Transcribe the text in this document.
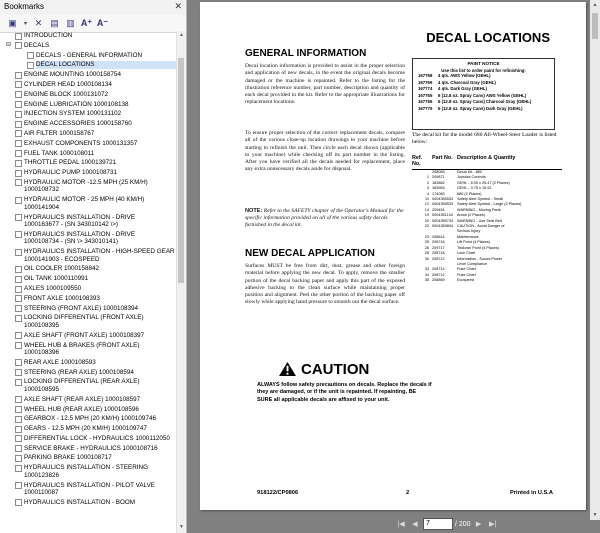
Bookmarks	✕
▣	▾ ✕ ▤ ▥ A⁺ A⁻
INTRODUCTION
⊟ DECALS
DECALS - GENERAL INFORMATION
DECAL LOCATIONS
ENGINE MOUNTING 1000158754
CYLINDER HEAD 1000108134
ENGINE BLOCK 1000131072
ENGINE LUBRICATION 1000108138
INJECTION SYSTEM 1000131102
ENGINE ACCESSORIES 1000158760
AIR FILTER 1000158767
EXHAUST COMPONENTS 1000131357
FUEL TANK 1000108011
THROTTLE PEDAL 1000139721
HYDRAULIC PUMP 1000108731
HYDRAULIC MOTOR -12.5 MPH (25 KM/H)
1000108732
HYDRAULIC MOTOR - 25 MPH (40 KM/H)
1000141904
HYDRAULICS INSTALLATION - DRIVE
1000163677 - (SN 343010142 \>)
HYDRAULICS INSTALLATION - DRIVE
1000108734 - (SN \> 343010141)
HYDRAULICS INSTALLATION - HIGH-SPEED GEAR
1000141903 - ECOSPEED
OIL COOLER 1000158842
OIL TANK 1000110991
AXLES 1000109550
FRONT AXLE 1000108393
STEERING (FRONT AXLE) 1000108394
LOCKING DIFFERENTIAL (FRONT AXLE)
1000108395
AXLE SHAFT (FRONT AXLE) 1000108397
WHEEL HUB & BRAKES (FRONT AXLE)
1000108396
REAR AXLE 1000108593
STEERING (REAR AXLE) 1000108594
LOCKING DIFFERENTIAL (REAR AXLE)
1000108595
AXLE SHAFT (REAR AXLE) 1000108597
WHEEL HUB (REAR AXLE) 1000108596
GEARBOX - 12.5 MPH (20 KM/H) 1000109746
GEARS - 12.5 MPH (20 KM/H) 1000109747
DIFFERENTIAL LOCK - HYDRAULICS 1000112050
SERVICE BRAKE - HYDRAULICS 1000108716
PARKING BRAKE 1000108717
HYDRAULICS INSTALLATION - STEERING
1000123826
HYDRAULICS INSTALLATION - PILOT VALVE
1000110087
HYDRAULICS INSTALLATION - BOOM
▲
▼
DECAL LOCATIONS
GENERAL INFORMATION
Decal location information is provided to assist in the proper selection and application of new decals, in the event the original decals become damaged or the machine is repainted. Refer to the listing for the illustration reference number, part number, description and quantity of each decal provided in the kit. Refer to the appropriate illustrations for replacement locations.
To ensure proper selection of the correct replacement decals, compare all of the various close-up location drawings to your machine before starting to refinish the unit. Then circle each decal shown (applicable to your machine) while checking off its part number in the listing. After you have verified all the decals needed for replacement, place any extra unnecessary decals aside for disposal.
NOTE: Refer to the SAFETY chapter of the Operator's Manual for the specific information provided on all of the various safety decals furnished in the decal kit.
NEW DECAL APPLICATION
Surfaces MUST be free from dirt, dust, grease and other foreign material before applying the new decal. To apply, remove the smaller portion of the decal backing paper and apply this part of the exposed adhesive backing to the clean surface while maintaining proper position and alignment. Peel the other portion of the backing paper off slowly while applying hand pressure to smooth out the decal surface.
PAINT NOTICE
Use this list to order paint for refinishing:
167768	4 qts. AWS Yellow (GEHL)
167769	4 qts. Charcoal Gray (GEHL)
167774	4 qts. Dark Gray (GEHL)
167765	6 (12.8 oz. Spray Cans) AWS Yellow (GEHL)
167766	6 (12.8 oz. Spray Cans) Charcoal Gray (GEHL)
167775	6 (12.8 oz. Spray Cans) Dark Gray (GEHL)
The decal kit for the model 680 All-Wheel-Steer Loader is listed below:
Ref. No.
Part No. Description & Quantity
208063	Decal Kit - 680
1 209871	Joystick Controls
2 183862	GEHL - 8.00 x 25.47 (2 Places)
3 183963	GEHL - 3.75 x 15.92
4 174063	680 (2 Places)
11 0004355533	Safety Alert Symbol - Small
12 0004355533	Safety Alert Symbol - Large (2 Places)
14 209451	WARNING - Moving Parts
19 0004351144	Arrow (2 Places)
20 0004359734	WARNING - Use Seat Belt
22 0004359834	CAUTION - Avoid Danger of
Serious Injury
23 208614	Maintenance
25 208716	Lift Point (4 Places)
26 209717	Tiedown Point (4 Places)
28 208718	Lock Chart
30 208712	Information - Sound Power
Level Compliance
33 208714	Fuse Chart
34 208712	Fuse Chart
35 208869	Ecospeed
CAUTION
ALWAYS follow safety precautions on decals. Replace the decals if they are damaged, or if the unit is repainted. If repainting, BE SURE all applicable decals are affixed to your unit.
918122/CP0806	2	Printed in U.S.A
▲
▼
|◀	◀	7	/ 200 ▶	▶|
